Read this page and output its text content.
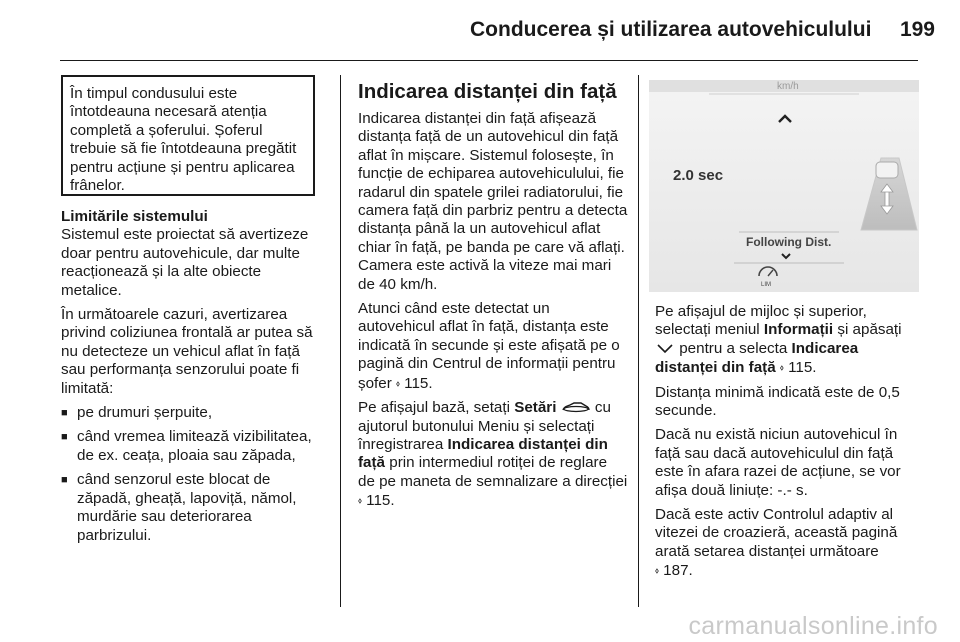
Conducerea și utilizarea autovehiculului	199
În timpul condusului este întotdeauna necesară atenția completă a șoferului. Șoferul trebuie să fie întotdeauna pregătit pentru acțiune și pentru aplicarea frânelor.
Limitările sistemului

Sistemul este proiectat să avertizeze doar pentru autovehicule, dar multe reacționează și la alte obiecte metalice.

În următoarele cazuri, avertizarea privind coliziunea frontală ar putea să nu detecteze un vehicul aflat în față sau performanța senzorului poate fi limitată:

■ pe drumuri șerpuite,
■ când vremea limitează vizibilitatea, de ex. ceața, ploaia sau zăpada,
■ când senzorul este blocat de zăpadă, gheață, lapoviță, nămol, murdărie sau deteriorarea parbrizului.
Indicarea distanței din față

Indicarea distanței din față afișează distanța față de un autovehicul din față aflat în mișcare. Sistemul folosește, în funcție de echiparea autovehiculului, fie radarul din spatele grilei radiatorului, fie camera față din parbriz pentru a detecta distanța până la un autovehicul aflat chiar în față, pe banda pe care vă aflați. Camera este activă la viteze mai mari de 40 km/h.

Atunci când este detectat un autovehicul aflat în față, distanța este indicată în secunde și este afișată pe o pagină din Centrul de informații pentru șofer ⬫ 115.

Pe afișajul bază, setați Setări	cu ajutorul butonului Meniu și selectați înregistrarea Indicarea distanței din față prin intermediul rotiței de reglare de pe maneta de semnalizare a direcției ⬫ 115.

km/h
2.0 sec
Following Dist.
LIM

Pe afișajul de mijloc și superior, selectați meniul Informații și apăsați  pentru a selecta Indicarea distanței din față ⬫ 115.

Distanța minimă indicată este de 0,5 secunde.

Dacă nu există niciun autovehicul în față sau dacă autovehiculul din față este în afara razei de acțiune, se vor afișa două liniuțe: -.- s.

Dacă este activ Controlul adaptiv al vitezei de croazieră, această pagină arată setarea distanței următoare
⬫ 187.

carmanualsonline.info
